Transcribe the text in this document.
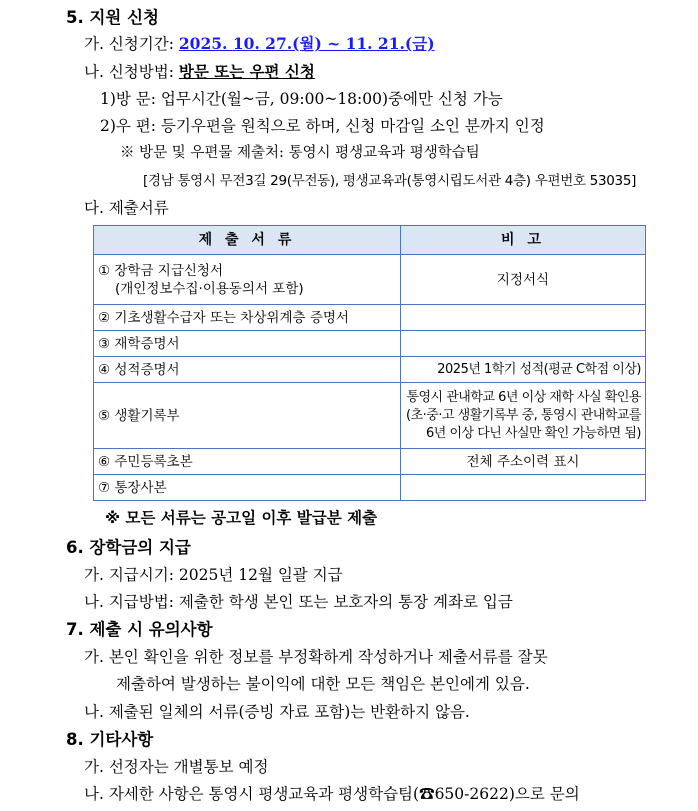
5. 지원 신청
가. 신청기간: 2025. 10. 27.(월) ~ 11. 21.(금)
나. 신청방법: 방문 또는 우편 신청
1)방 문: 업무시간(월~금, 09:00~18:00)중에만 신청 가능
2)우 편: 등기우편을 원칙으로 하며, 신청 마감일 소인 분까지 인정
※ 방문 및 우편물 제출처: 통영시 평생교육과 평생학습팀
[경남 통영시 무전3길 29(무전동), 평생교육과(통영시립도서관 4층) 우편번호 53035]
다. 제출서류
제 출 서 류	비 고

① 장학금 지급신청서
(개인정보수집·이용동의서 포함)	지정서식
② 기초생활수급자 또는 차상위계층 증명서	
③ 재학증명서	
④ 성적증명서	2025년 1학기 성적(평균 C학점 이상)
⑤ 생활기록부	통영시 관내학교 6년 이상 재학 사실 확인용
(초·중·고 생활기록부 중, 통영시 관내학교를
6년 이상 다닌 사실만 확인 가능하면 됨)

⑥ 주민등록초본	전체 주소이력 표시
⑦ 통장사본	
※ 모든 서류는 공고일 이후 발급분 제출
6. 장학금의 지급
가. 지급시기: 2025년 12월 일괄 지급
나. 지급방법: 제출한 학생 본인 또는 보호자의 통장 계좌로 입금
7. 제출 시 유의사항
가. 본인 확인을 위한 정보를 부정확하게 작성하거나 제출서류를 잘못
제출하여 발생하는 불이익에 대한 모든 책임은 본인에게 있음.
나. 제출된 일체의 서류(증빙 자료 포함)는 반환하지 않음.
8. 기타사항
가. 선정자는 개별통보 예정
나. 자세한 사항은 통영시 평생교육과 평생학습팀(☎650-2622)으로 문의
